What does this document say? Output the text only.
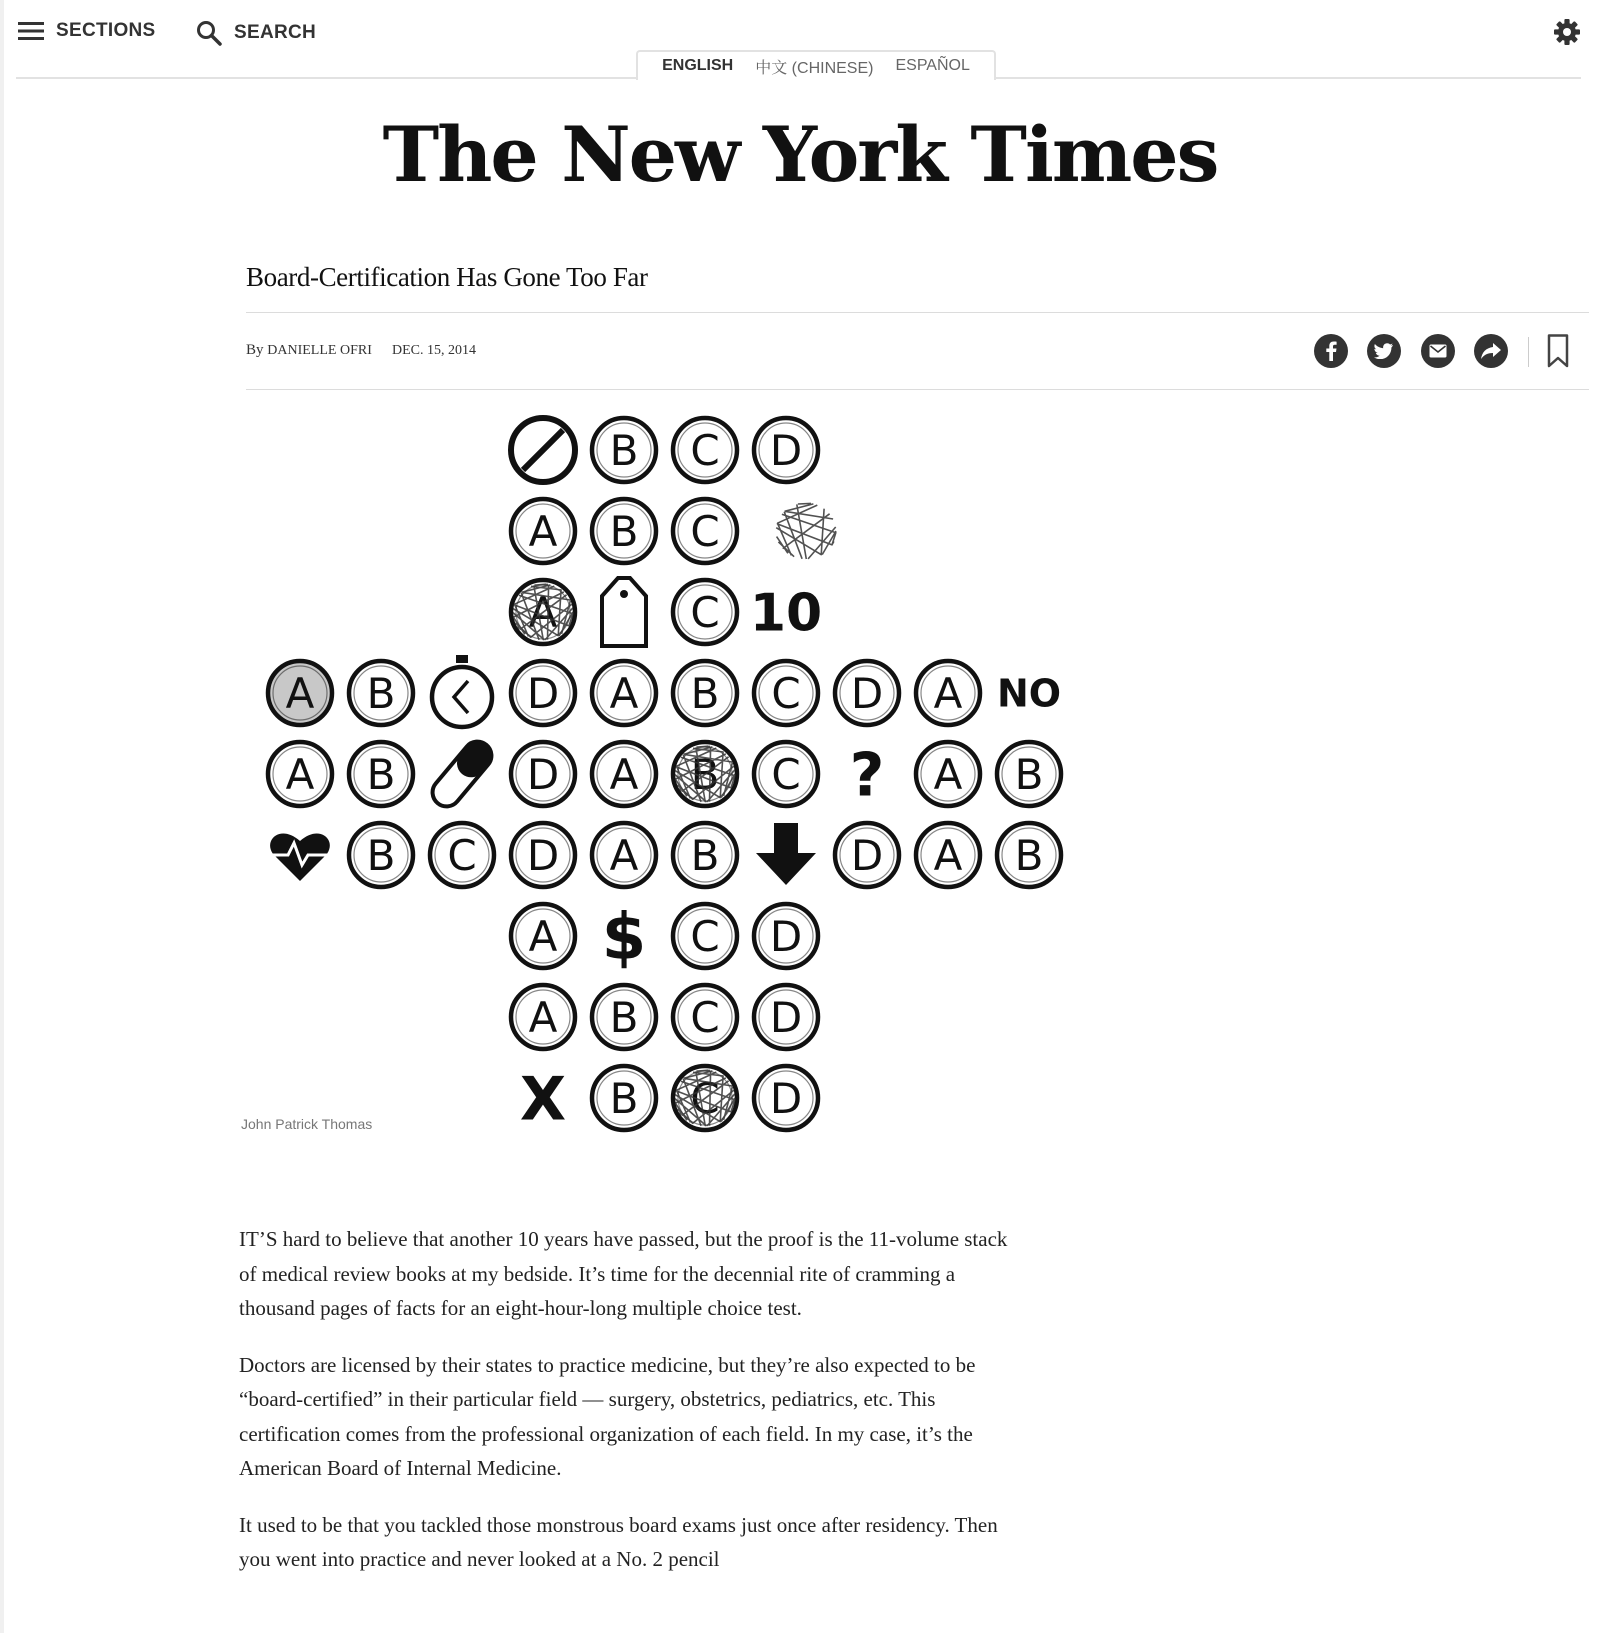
SECTIONS	SEARCH
ENGLISH 中文 (CHINESE) ESPAÑOL
The New York Times
Board-Certification Has Gone Too Far
By DANIELLE OFRI DEC. 15, 2014
B C D
A B C
A	C 10
A B	D A B C D A NO
A B	D A B C ? A B
B C D A B	D A B
A $ C D
A B C D
X B C D
John Patrick Thomas

IT’S hard to believe that another 10 years have passed, but the proof is the 11-volume stack of medical review books at my bedside. It’s time for the decennial rite of cramming a thousand pages of facts for an eight-hour-long multiple choice test.

Doctors are licensed by their states to practice medicine, but they’re also expected to be “board-certified” in their particular field — surgery, obstetrics, pediatrics, etc. This certification comes from the professional organization of each field. In my case, it’s the American Board of Internal Medicine.

It used to be that you tackled those monstrous board exams just once after residency. Then you went into practice and never looked at a No. 2 pencil
